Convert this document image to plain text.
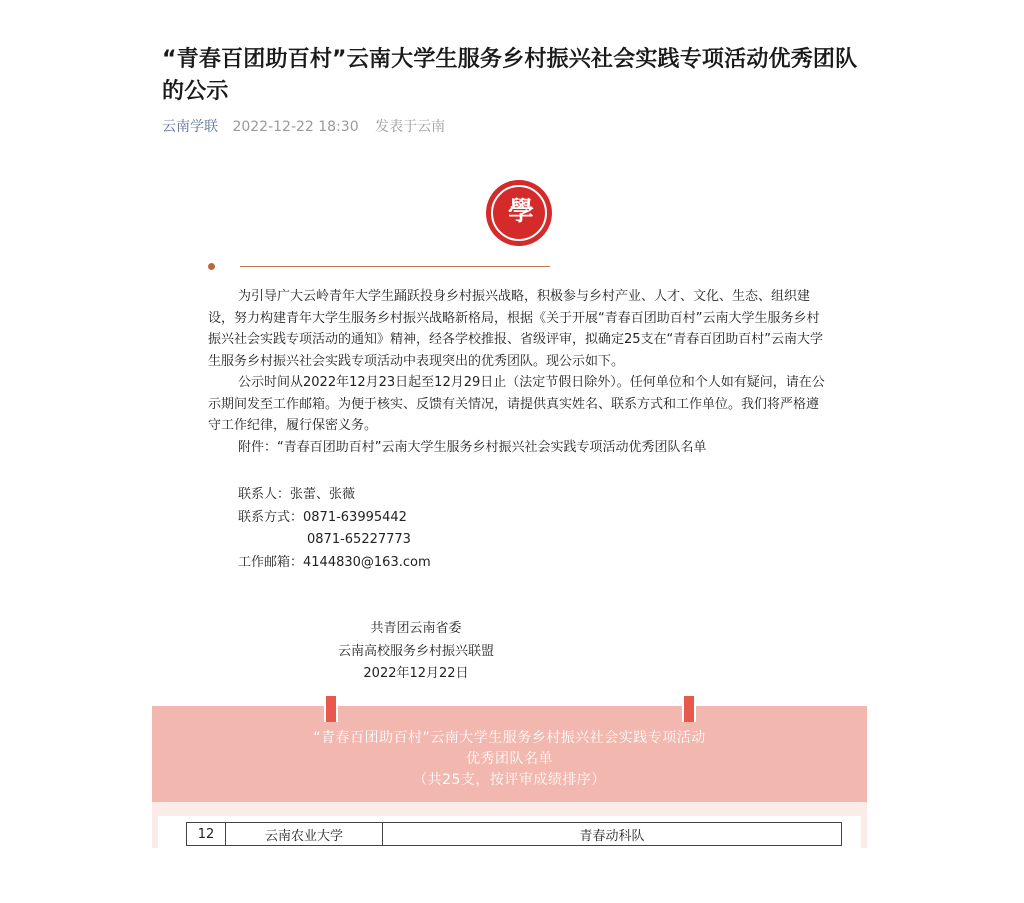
“青春百团助百村”云南大学生服务乡村振兴社会实践专项活动优秀团队的公示
云南学联 2022-12-22 18:30 发表于云南
學

为引导广大云岭青年大学生踊跃投身乡村振兴战略，积极参与乡村产业、人才、文化、生态、组织建设，努力构建青年大学生服务乡村振兴战略新格局，根据《关于开展“青春百团助百村”云南大学生服务乡村振兴社会实践专项活动的通知》精神，经各学校推报、省级评审，拟确定25支在“青春百团助百村”云南大学生服务乡村振兴社会实践专项活动中表现突出的优秀团队。现公示如下。

公示时间从2022年12月23日起至12月29日止（法定节假日除外）。任何单位和个人如有疑问，请在公示期间发至工作邮箱。为便于核实、反馈有关情况，请提供真实姓名、联系方式和工作单位。我们将严格遵守工作纪律，履行保密义务。

附件：“青春百团助百村”云南大学生服务乡村振兴社会实践专项活动优秀团队名单

联系人：张蕾、张薇
联系方式：0871-63995442
0871-65227773
工作邮箱：4144830@163.com
共青团云南省委
云南高校服务乡村振兴联盟
2022年12月22日
“青春百团助百村”云南大学生服务乡村振兴社会实践专项活动
优秀团队名单
（共25支，按评审成绩排序）
12	云南农业大学	青春动科队
